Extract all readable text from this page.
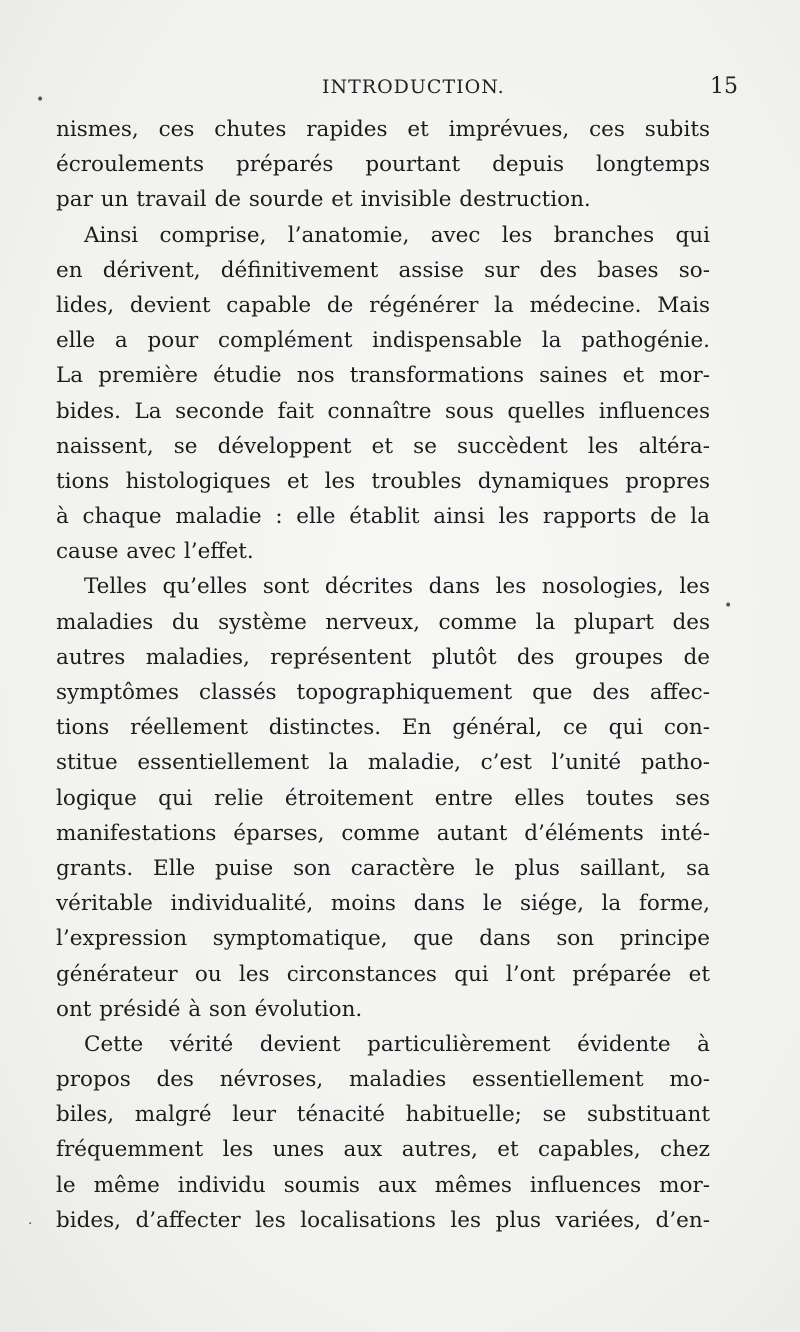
INTRODUCTION.	15
nismes, ces chutes rapides et imprévues, ces subits
écroulements préparés pourtant depuis longtemps
par un travail de sourde et invisible destruction.
Ainsi comprise, l’anatomie, avec les branches qui
en dérivent, définitivement assise sur des bases so-
lides, devient capable de régénérer la médecine. Mais
elle a pour complément indispensable la pathogénie.
La première étudie nos transformations saines et mor-
bides. La seconde fait connaître sous quelles influences
naissent, se développent et se succèdent les altéra-
tions histologiques et les troubles dynamiques propres
à chaque maladie : elle établit ainsi les rapports de la
cause avec l’effet.
Telles qu’elles sont décrites dans les nosologies, les
maladies du système nerveux, comme la plupart des
autres maladies, représentent plutôt des groupes de
symptômes classés topographiquement que des affec-
tions réellement distinctes. En général, ce qui con-
stitue essentiellement la maladie, c’est l’unité patho-
logique qui relie étroitement entre elles toutes ses
manifestations éparses, comme autant d’éléments inté-
grants. Elle puise son caractère le plus saillant, sa
véritable individualité, moins dans le siége, la forme,
l’expression symptomatique, que dans son principe
générateur ou les circonstances qui l’ont préparée et
ont présidé à son évolution.
Cette vérité devient particulièrement évidente à
propos des névroses, maladies essentiellement mo-
biles, malgré leur ténacité habituelle; se substituant
fréquemment les unes aux autres, et capables, chez
le même individu soumis aux mêmes influences mor-
bides, d’affecter les localisations les plus variées, d’en-
•
•
·
